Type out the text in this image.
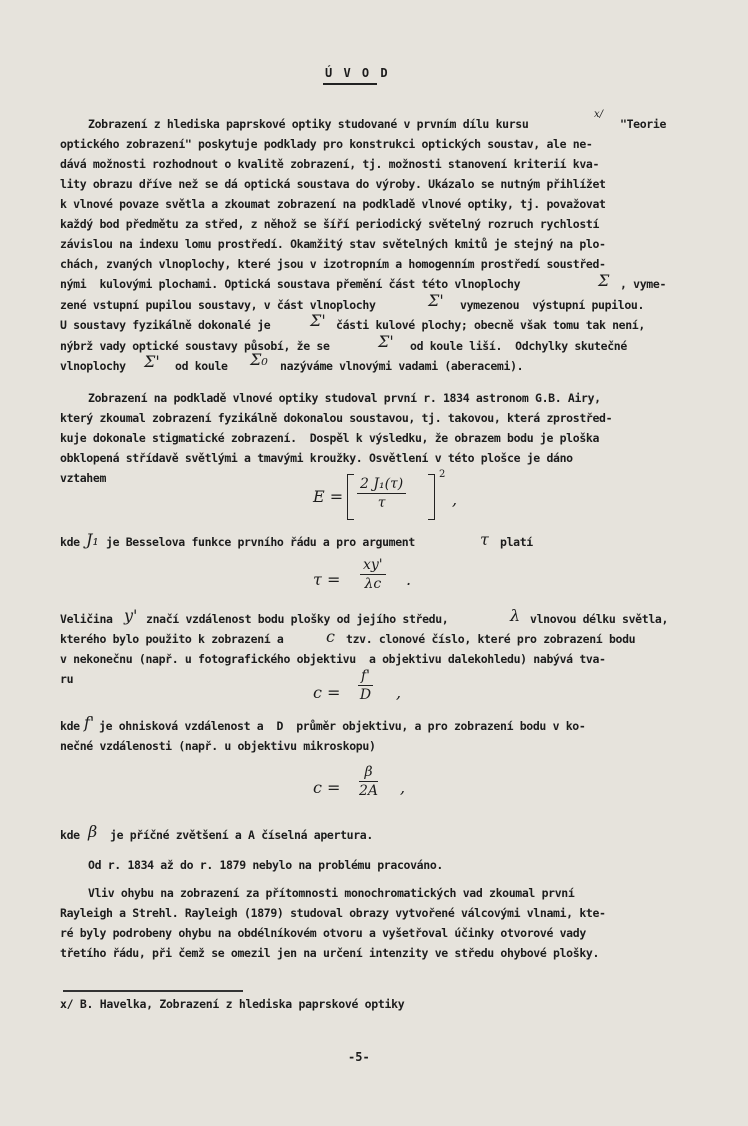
Ú V O D
Zobrazení z hlediska paprskové optiky studované v prvním dílu kursu
x/
"Teorie
optického zobrazení" poskytuje podklady pro konstrukci optických soustav, ale ne-
dává možnosti rozhodnout o kvalitě zobrazení, tj. možnosti stanovení kriterií kva-
lity obrazu dříve než se dá optická soustava do výroby. Ukázalo se nutným přihlížet
k vlnové povaze světla a zkoumat zobrazení na podkladě vlnové optiky, tj. považovat
každý bod předmětu za střed, z něhož se šíří periodický světelný rozruch rychlostí
závislou na indexu lomu prostředí. Okamžitý stav světelných kmitů je stejný na plo-
chách, zvaných vlnoplochy, které jsou v izotropním a homogenním prostředí soustřed-
nými  kulovými plochami. Optická soustava přemění část této vlnoplochy	Σ , vyme-
zené vstupní pupilou soustavy, v část vlnoplochy	Σ' vymezenou  výstupní pupilou.
U soustavy fyzikálně dokonalé je Σ' části kulové plochy; obecně však tomu tak není,
nýbrž vady optické soustavy působí, že se	Σ' od koule liší.  Odchylky skutečné
vlnoplochy Σ' od koule Σ₀ nazýváme vlnovými vadami (aberacemi).
Zobrazení na podkladě vlnové optiky studoval první r. 1834 astronom G.B. Airy,
který zkoumal zobrazení fyzikálně dokonalou soustavou, tj. takovou, která zprostřed-
kuje dokonale stigmatické zobrazení.  Dospěl k výsledku, že obrazem bodu je ploška
obklopená střídavě světlými a tmavými kroužky. Osvětlení v této plošce je dáno
vztahem
$E = \frac{\text{2 J₁(τ)}}{\tau}$
2
,
kde J₁ je Besselova funkce prvního řádu a pro argument	τ platí
$\tau = \frac{xy'}{\lambda c}$ .
Veličina y' značí vzdálenost bodu plošky od jejího středu,	λ vlnovou délku světla,
kterého bylo použito k zobrazení a	c tzv. clonové číslo, které pro zobrazení bodu
v nekonečnu (např. u fotografického objektivu  a objektivu dalekohledu) nabývá tva-
ru
$c = \frac{f'}{D}$ ,
kde f' je ohnisková vzdálenost a  D  průměr objektivu, a pro zobrazení bodu v ko-
nečné vzdálenosti (např. u objektivu mikroskopu)
$c = \frac{\beta}{2A}$ ,
kde β je příčné zvětšení a A číselná apertura.
Od r. 1834 až do r. 1879 nebylo na problému pracováno.
Vliv ohybu na zobrazení za přítomnosti monochromatických vad zkoumal první
Rayleigh a Strehl. Rayleigh (1879) studoval obrazy vytvořené válcovými vlnami, kte-
ré byly podrobeny ohybu na obdélníkovém otvoru a vyšetřoval účinky otvorové vady
třetího řádu, při čemž se omezil jen na určení intenzity ve středu ohybové plošky.
x/ B. Havelka, Zobrazení z hlediska paprskové optiky
-5-
